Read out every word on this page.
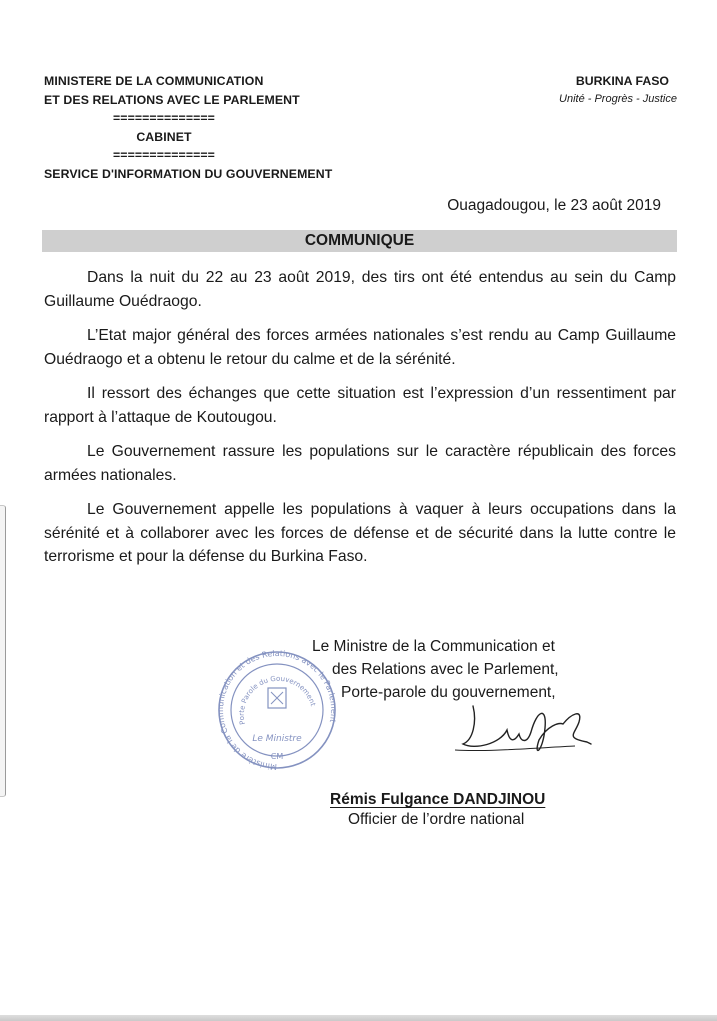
MINISTERE DE LA COMMUNICATION
ET DES RELATIONS AVEC LE PARLEMENT
==============
CABINET
==============
SERVICE D'INFORMATION DU GOUVERNEMENT
BURKINA FASO
Unité - Progrès - Justice
Ouagadougou, le 23 août 2019
COMMUNIQUE

Dans la nuit du 22 au 23 août 2019, des tirs ont été entendus au sein du Camp Guillaume Ouédraogo.

L’Etat major général des forces armées nationales s’est rendu au Camp Guillaume Ouédraogo et a obtenu le retour du calme et de la sérénité.

Il ressort des échanges que cette situation est l’expression d’un ressentiment par rapport à l’attaque de Koutougou.

Le Gouvernement rassure les populations sur le caractère républicain des forces armées nationales.

Le Gouvernement appelle les populations à vaquer à leurs occupations dans la sérénité et à collaborer avec les forces de défense et de sécurité dans la lutte contre le terrorisme et pour la défense du Burkina Faso.

Ministère de la Communication et des Relations avec le Parlement
Porte Parole du Gouvernement
Le Ministre
CM
Le Ministre de la Communication et
des Relations avec le Parlement,
Porte-parole du gouvernement,
Rémis Fulgance DANDJINOU
Officier de l’ordre national
